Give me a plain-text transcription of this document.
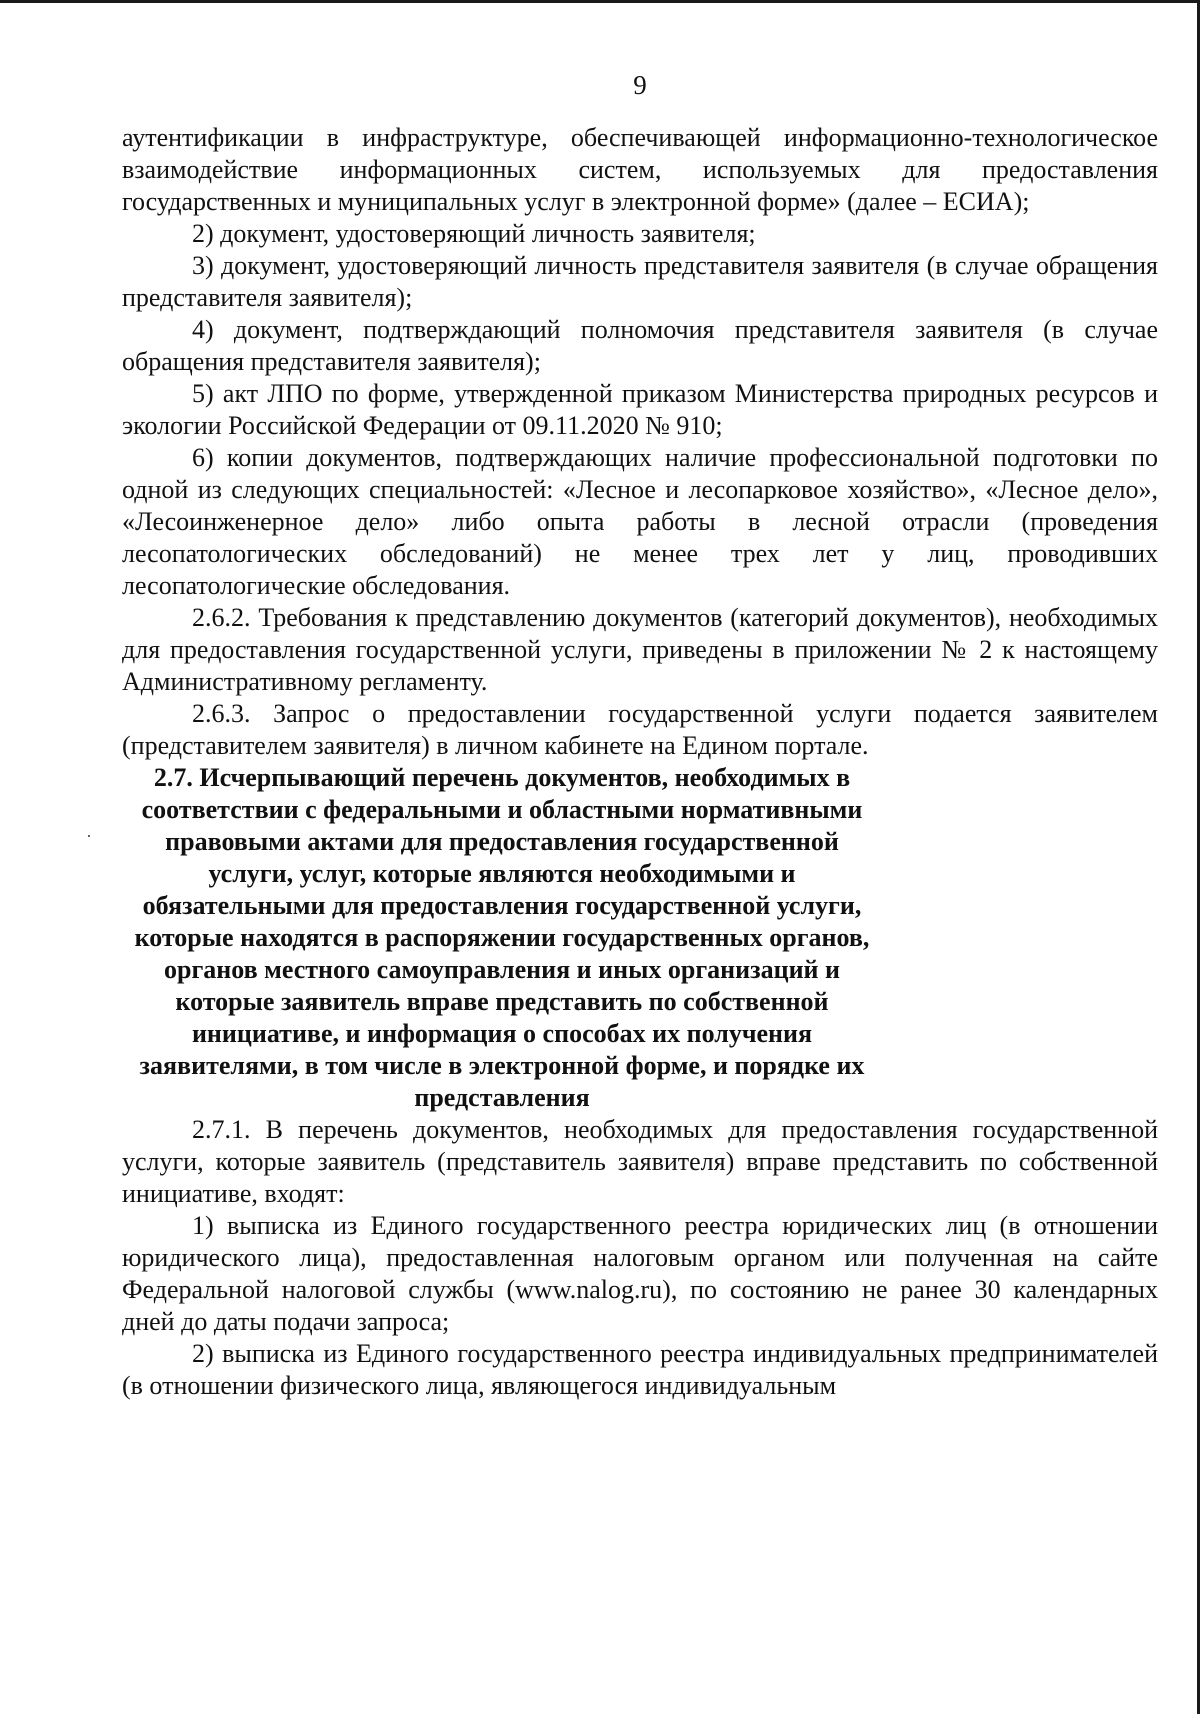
9

аутентификации в инфраструктуре, обеспечивающей информационно-технологическое взаимодействие информационных систем, используемых для предоставления государственных и муниципальных услуг в электронной форме» (далее – ЕСИА);

2) документ, удостоверяющий личность заявителя;

3) документ, удостоверяющий личность представителя заявителя (в случае обращения представителя заявителя);

4) документ, подтверждающий полномочия представителя заявителя (в случае обращения представителя заявителя);

5) акт ЛПО по форме, утвержденной приказом Министерства природных ресурсов и экологии Российской Федерации от 09.11.2020 № 910;

6) копии документов, подтверждающих наличие профессиональной подготовки по одной из следующих специальностей: «Лесное и лесопарковое хозяйство», «Лесное дело», «Лесоинженерное дело» либо опыта работы в лесной отрасли (проведения лесопатологических обследований) не менее трех лет у лиц, проводивших лесопатологические обследования.

2.6.2. Требования к представлению документов (категорий документов), необходимых для предоставления государственной услуги, приведены в приложении № 2 к настоящему Административному регламенту.

2.6.3. Запрос о предоставлении государственной услуги подается заявителем (представителем заявителя) в личном кабинете на Едином портале.

2.7. Исчерпывающий перечень документов, необходимых в соответствии с федеральными и областными нормативными правовыми актами для предоставления государственной услуги, услуг, которые являются необходимыми и обязательными для предоставления государственной услуги, которые находятся в распоряжении государственных органов, органов местного самоуправления и иных организаций и которые заявитель вправе представить по собственной инициативе, и информация о способах их получения заявителями, в том числе в электронной форме, и порядке их представления

2.7.1. В перечень документов, необходимых для предоставления государственной услуги, которые заявитель (представитель заявителя) вправе представить по собственной инициативе, входят:

1) выписка из Единого государственного реестра юридических лиц (в отношении юридического лица), предоставленная налоговым органом или полученная на сайте Федеральной налоговой службы (www.nalog.ru), по состоянию не ранее 30 календарных дней до даты подачи запроса;

2) выписка из Единого государственного реестра индивидуальных предпринимателей (в отношении физического лица, являющегося индивидуальным
